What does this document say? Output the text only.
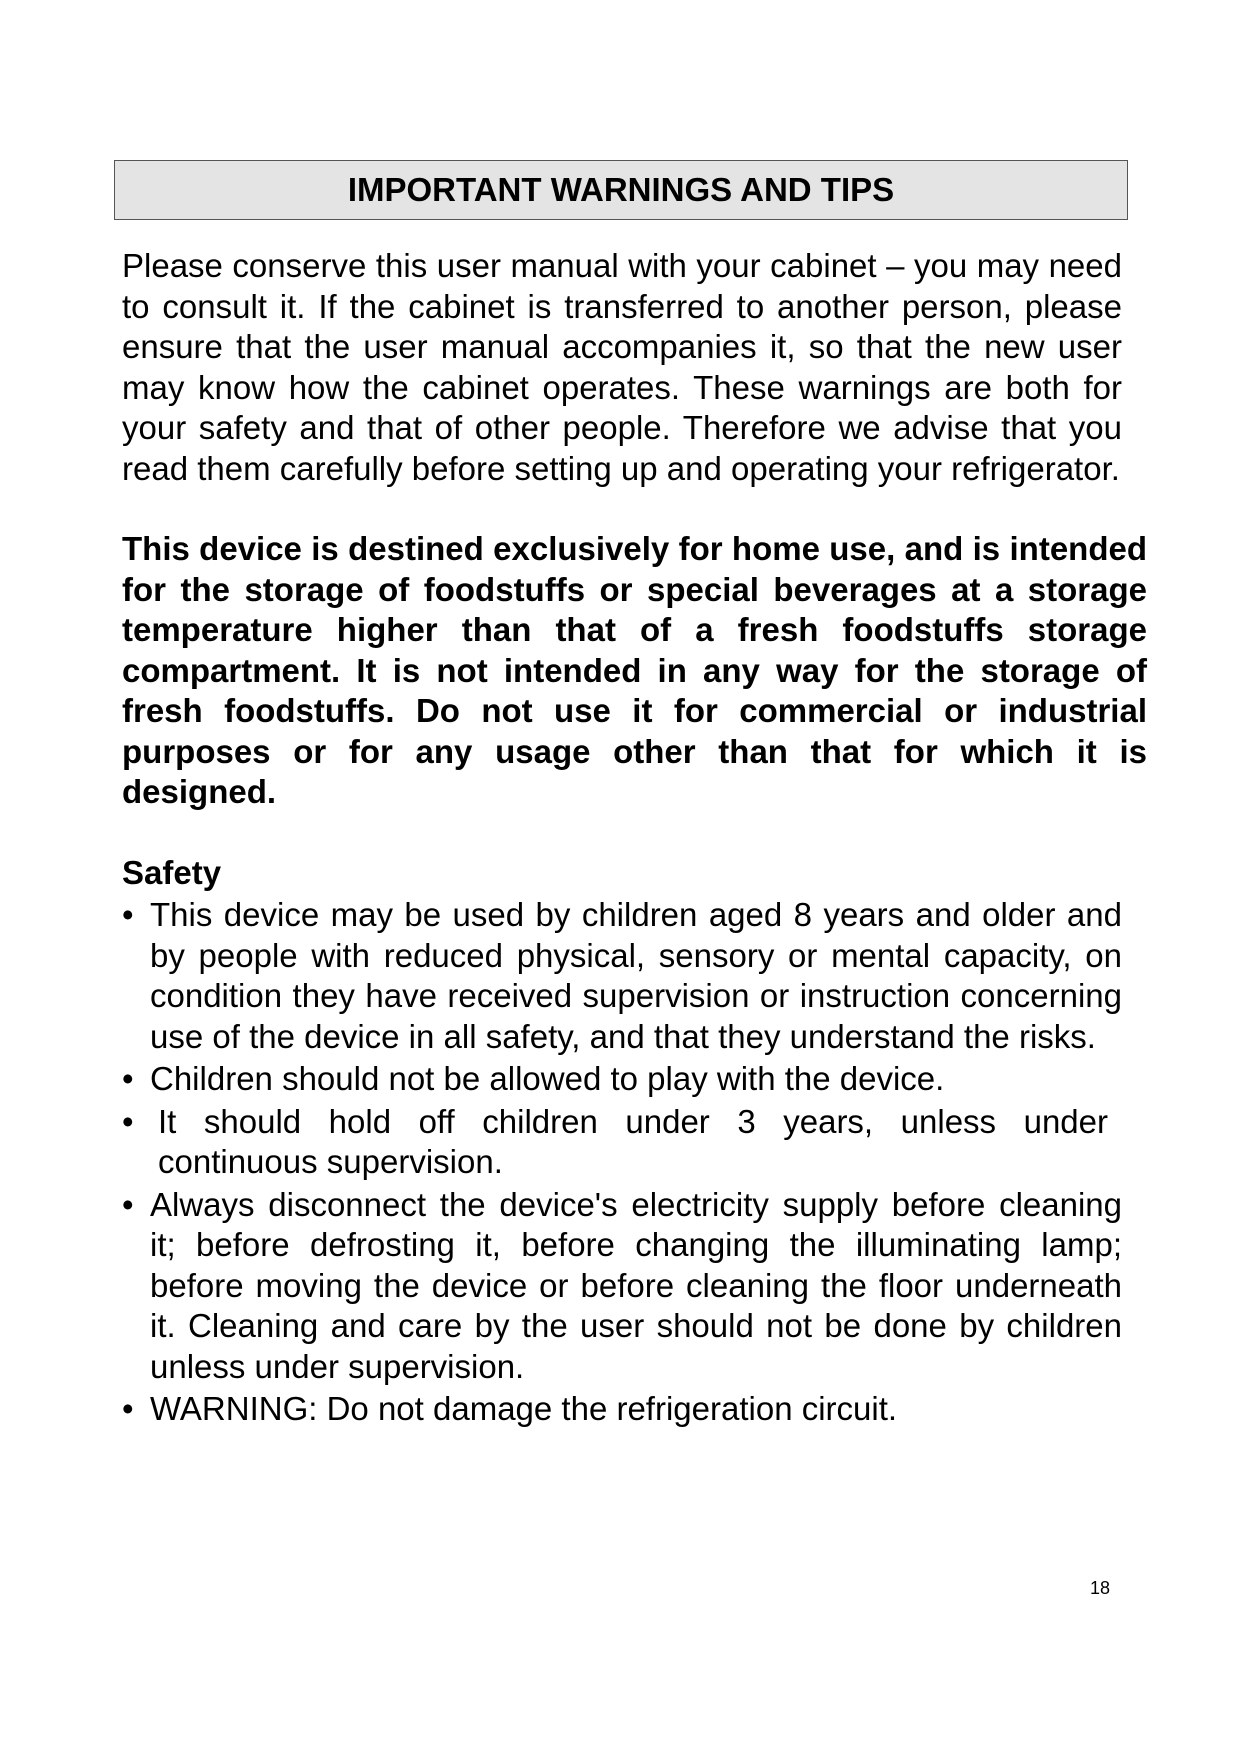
IMPORTANT WARNINGS AND TIPS

Please conserve this user manual with your cabinet – you may need to consult it. If the cabinet is transferred to another person, please ensure that the user manual accompanies it, so that the new user may know how the cabinet operates. These warnings are both for your safety and that of other people. Therefore we advise that you read them carefully before setting up and operating your refrigerator.

This device is destined exclusively for home use, and is intended for the storage of foodstuffs or special beverages at a storage temperature higher than that of a fresh foodstuffs storage compartment. It is not intended in any way for the storage of fresh foodstuffs. Do not use it for commercial or industrial purposes or for any usage other than that for which it is designed.

Safety
• This device may be used by children aged 8 years and older and by people with reduced physical, sensory or mental capacity, on condition they have received supervision or instruction concerning use of the device in all safety, and that they understand the risks.
• Children should not be allowed to play with the device.
• It should hold off children under 3 years, unless under continuous supervision.
• Always disconnect the device's electricity supply before cleaning it; before defrosting it, before changing the illuminating lamp; before moving the device or before cleaning the floor underneath it. Cleaning and care by the user should not be done by children unless under supervision.
• WARNING: Do not damage the refrigeration circuit.
18
